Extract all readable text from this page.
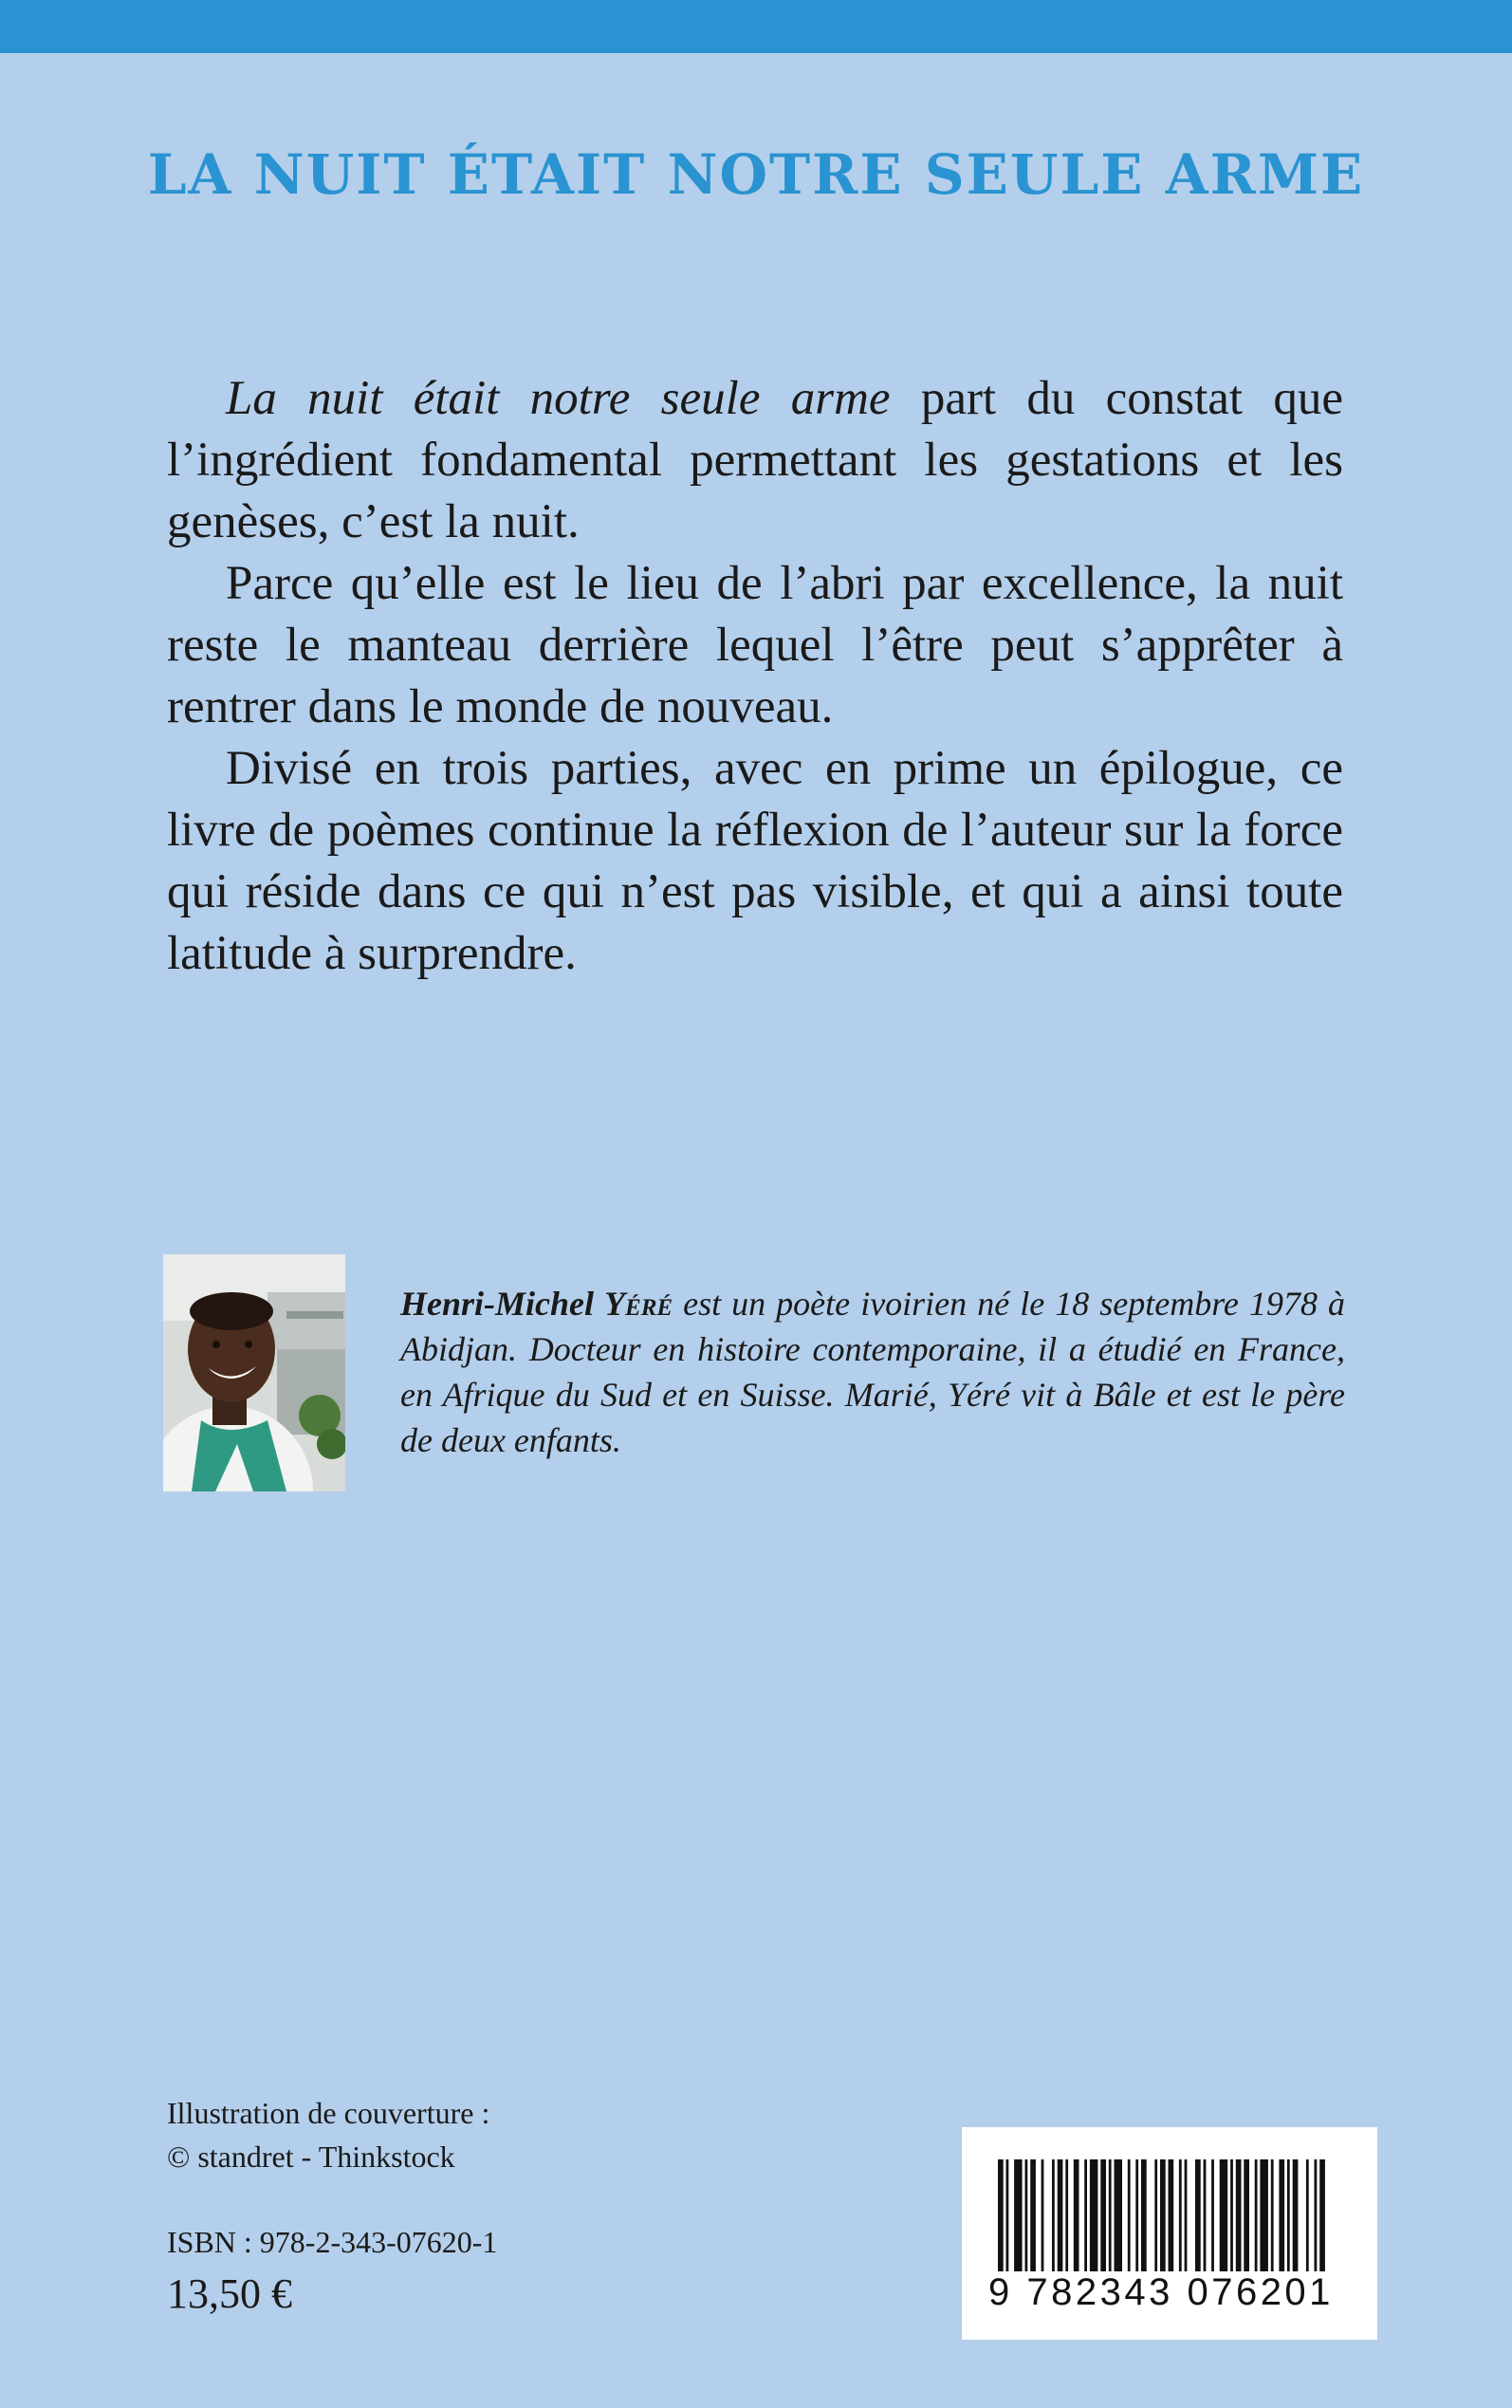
LA NUIT ÉTAIT NOTRE SEULE ARME

La nuit était notre seule arme part du constat que l’ingrédient fondamental permettant les gestations et les genèses, c’est la nuit.

Parce qu’elle est le lieu de l’abri par excellence, la nuit reste le manteau derrière lequel l’être peut s’apprêter à rentrer dans le monde de nouveau.

Divisé en trois parties, avec en prime un épilogue, ce livre de poèmes continue la réflexion de l’auteur sur la force qui réside dans ce qui n’est pas visible, et qui a ainsi toute latitude à surprendre.

Henri-Michel Yéré est un poète ivoirien né le 18 septembre 1978 à Abidjan. Docteur en histoire contemporaine, il a étudié en France, en Afrique du Sud et en Suisse. Marié, Yéré vit à Bâle et est le père de deux enfants.
Illustration de couverture :
© standret - Thinkstock
ISBN : 978-2-343-07620-1
13,50 €	9 782343 076201
